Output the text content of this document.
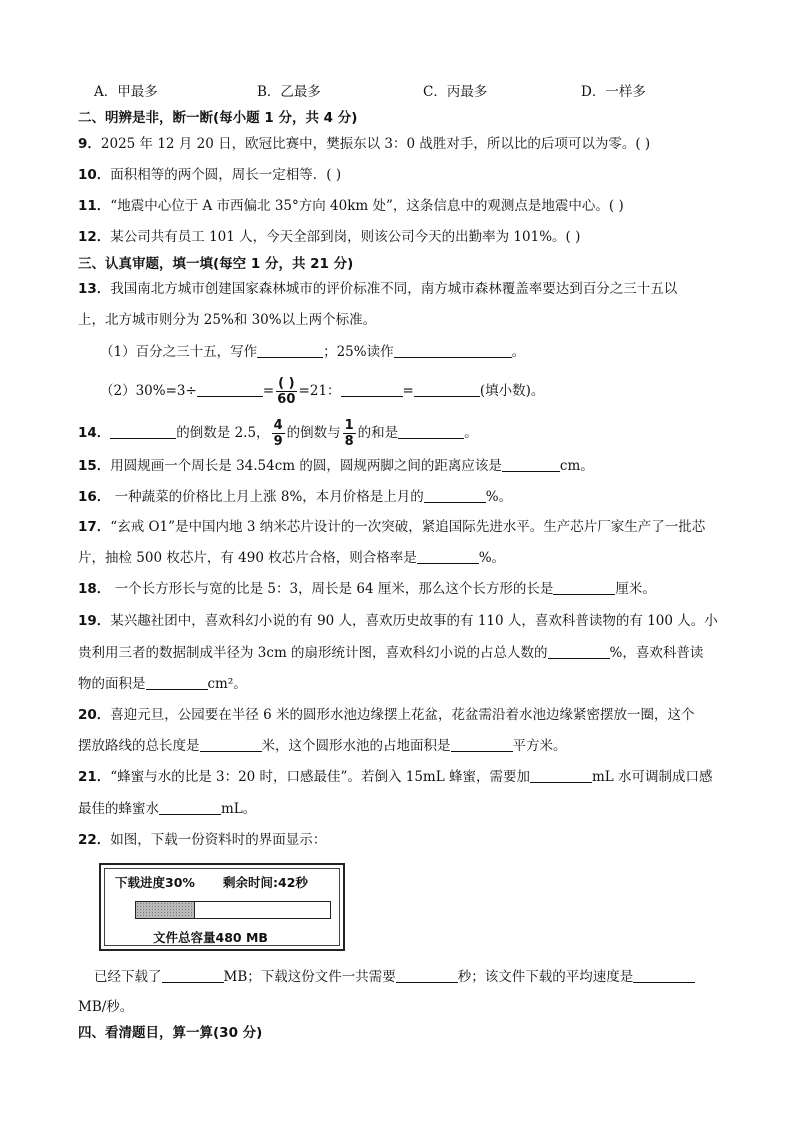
A．甲最多	B．乙最多	C．丙最多	D．一样多
二、明辨是非，断一断(每小题 1 分，共 4 分)
9．2025 年 12 月 20 日，欧冠比赛中，樊振东以 3：0 战胜对手，所以比的后项可以为零。( )
10．面积相等的两个圆，周长一定相等．( )
11．“地震中心位于 A 市西偏北 35°方向 40km 处”，这条信息中的观测点是地震中心。( )
12．某公司共有员工 101 人，今天全部到岗，则该公司今天的出勤率为 101%。( )
三、认真审题，填一填(每空 1 分，共 21 分)
13．我国南北方城市创建国家森林城市的评价标准不同，南方城市森林覆盖率要达到百分之三十五以
上，北方城市则分为 25%和 30%以上两个标准。
（1）百分之三十五，写作	；25%读作	。
（2）30%=3÷	= $\frac{( )}{60} =21$：	=	(填小数)。
14．	的倒数是 2.5， $\frac{4}{9}$ 的倒数与 $\frac{1}{8}$ 的和是	。
15．用圆规画一个周长是 34.54cm 的圆，圆规两脚之间的距离应该是	cm。
16． 一种蔬菜的价格比上月上涨 8%，本月价格是上月的	%。
17．“玄戒 O1”是中国内地 3 纳米芯片设计的一次突破，紧追国际先进水平。生产芯片厂家生产了一批芯
片，抽检 500 枚芯片，有 490 枚芯片合格，则合格率是	%。
18． 一个长方形长与宽的比是 5：3，周长是 64 厘米，那么这个长方形的长是	厘米。
19．某兴趣社团中，喜欢科幻小说的有 90 人，喜欢历史故事的有 110 人，喜欢科普读物的有 100 人。小
贵利用三者的数据制成半径为 3cm 的扇形统计图，喜欢科幻小说的占总人数的	%，喜欢科普读
物的面积是	cm²。
20．喜迎元旦，公园要在半径 6 米的圆形水池边缘摆上花盆，花盆需沿着水池边缘紧密摆放一圈，这个
摆放路线的总长度是	米，这个圆形水池的占地面积是	平方米。
21．“蜂蜜与水的比是 3：20 时，口感最佳”。若倒入 15mL 蜂蜜，需要加	mL 水可调制成口感
最佳的蜂蜜水	mL。
22．如图，下载一份资料时的界面显示：
下载进度30% 剩余时间:42秒
文件总容量480 MB
已经下载了	MB；下载这份文件一共需要	秒；该文件下载的平均速度是
MB/秒。
四、看清题目，算一算(30 分)
